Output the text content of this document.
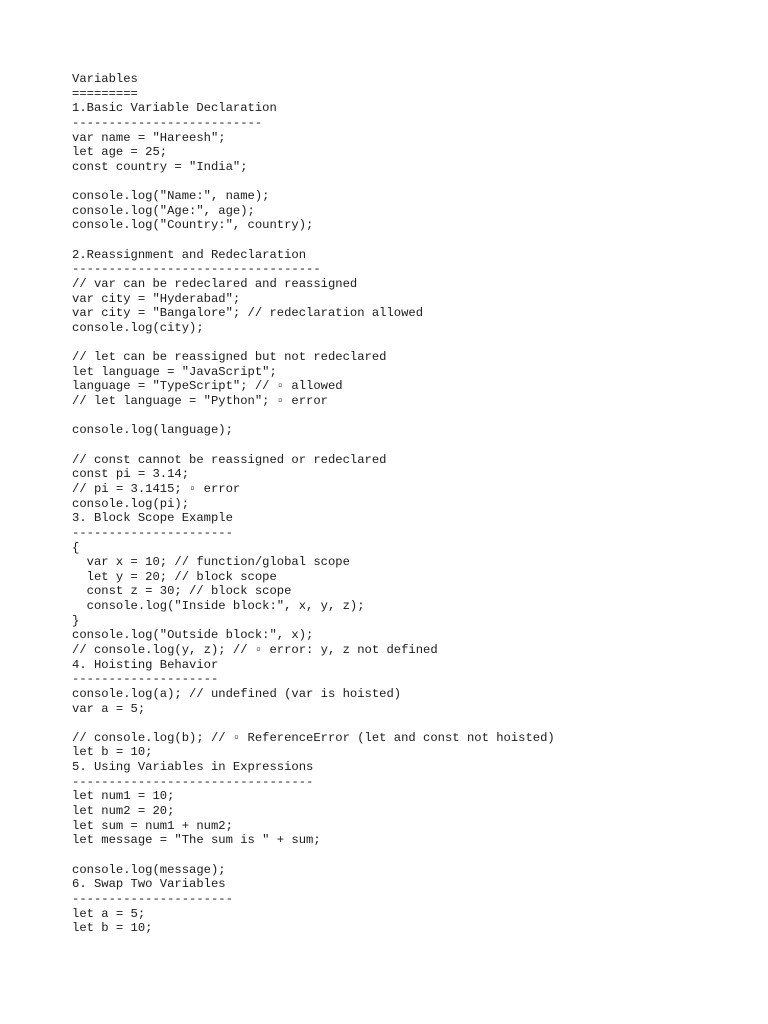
Variables
=========
1.Basic Variable Declaration
--------------------------
var name = "Hareesh";
let age = 25;
const country = "India";
console.log("Name:", name);
console.log("Age:", age);
console.log("Country:", country);
2.Reassignment and Redeclaration
----------------------------------
// var can be redeclared and reassigned
var city = "Hyderabad";
var city = "Bangalore"; // redeclaration allowed
console.log(city);
// let can be reassigned but not redeclared
let language = "JavaScript";
language = "TypeScript"; // ▫ allowed
// let language = "Python"; ▫ error
console.log(language);
// const cannot be reassigned or redeclared
const pi = 3.14;
// pi = 3.1415; ▫ error
console.log(pi);
3. Block Scope Example
----------------------
{
var x = 10; // function/global scope
let y = 20; // block scope
const z = 30; // block scope
console.log("Inside block:", x, y, z);
}
console.log("Outside block:", x);
// console.log(y, z); // ▫ error: y, z not defined
4. Hoisting Behavior
--------------------
console.log(a); // undefined (var is hoisted)
var a = 5;
// console.log(b); // ▫ ReferenceError (let and const not hoisted)
let b = 10;
5. Using Variables in Expressions
---------------------------------
let num1 = 10;
let num2 = 20;
let sum = num1 + num2;
let message = "The sum is " + sum;
console.log(message);
6. Swap Two Variables
----------------------
let a = 5;
let b = 10;
